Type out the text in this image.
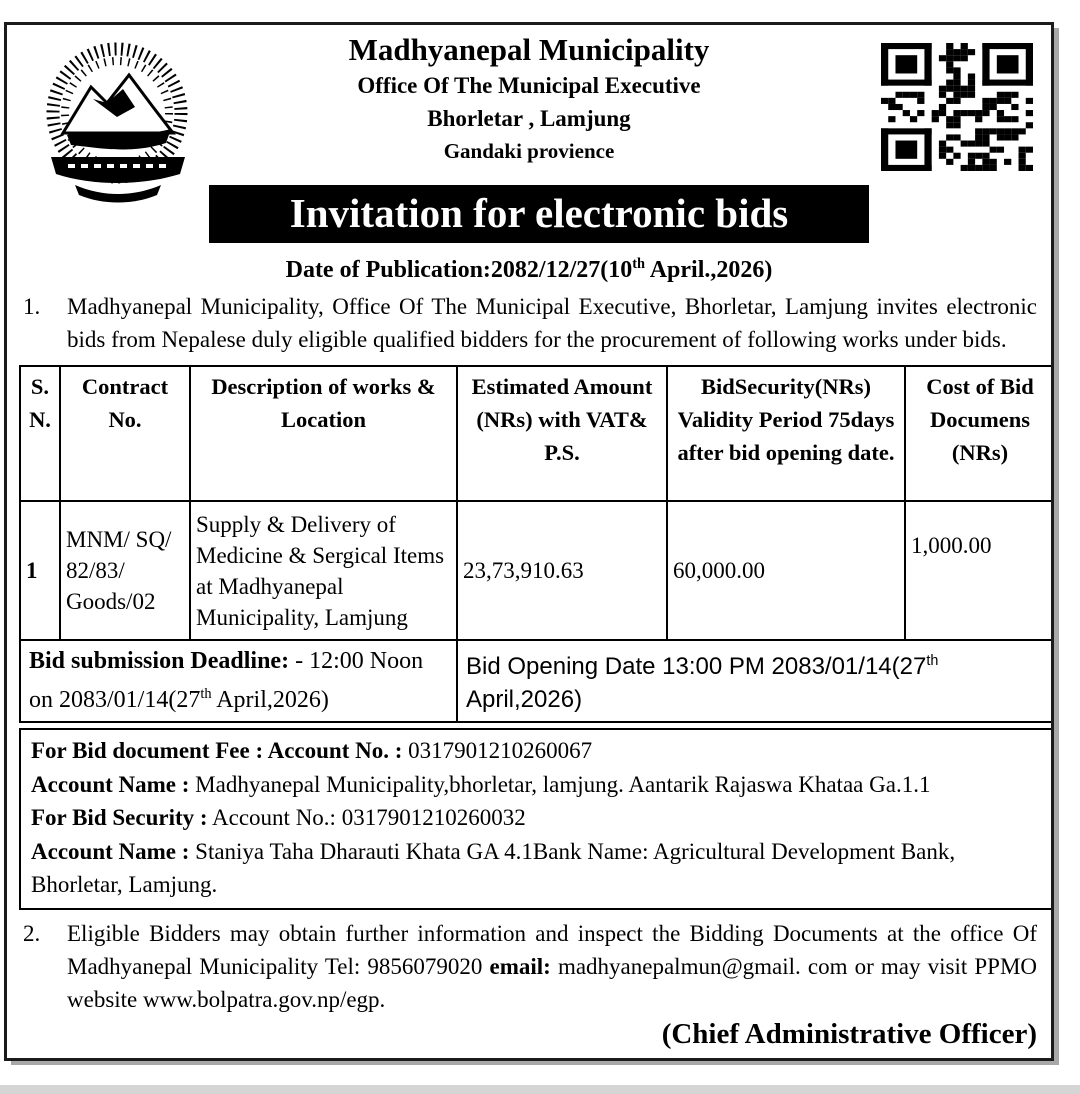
Madhyanepal Municipality
Office Of The Municipal Executive
Bhorletar , Lamjung
Gandaki provience
Invitation for electronic bids
Date of Publication:2082/12/27(10th April.,2026)
1.	Madhyanepal Municipality, Office Of The Municipal Executive, Bhorletar, Lamjung invites electronic bids from Nepalese duly eligible qualified bidders for the procurement of following works under bids.
S. N.	Contract No.	Description of works & Location	Estimated Amount (NRs) with VAT& P.S.	BidSecurity(NRs) Validity Period 75days after bid opening date.	Cost of Bid Documens (NRs)
1	MNM/ SQ/ 82/83/ Goods/02	Supply & Delivery of Medicine & Sergical Items at Madhyanepal Municipality, Lamjung	23,73,910.63	60,000.00	1,000.00
Bid submission Deadline: - 12:00 Noon on 2083/01/14(27th April,2026)			Bid Opening Date 13:00 PM 2083/01/14(27th April,2026)		
For Bid document Fee : Account No. : 0317901210260067
Account Name : Madhyanepal Municipality,bhorletar, lamjung. Aantarik Rajaswa Khataa Ga.1.1
For Bid Security : Account No.: 0317901210260032
Account Name : Staniya Taha Dharauti Khata GA 4.1Bank Name: Agricultural Development Bank, Bhorletar, Lamjung.
2.	Eligible Bidders may obtain further information and inspect the Bidding Documents at the office Of Madhyanepal Municipality Tel: 9856079020 email: madhyanepalmun@gmail. com or may visit PPMO website www.bolpatra.gov.np/egp.
(Chief Administrative Officer)
